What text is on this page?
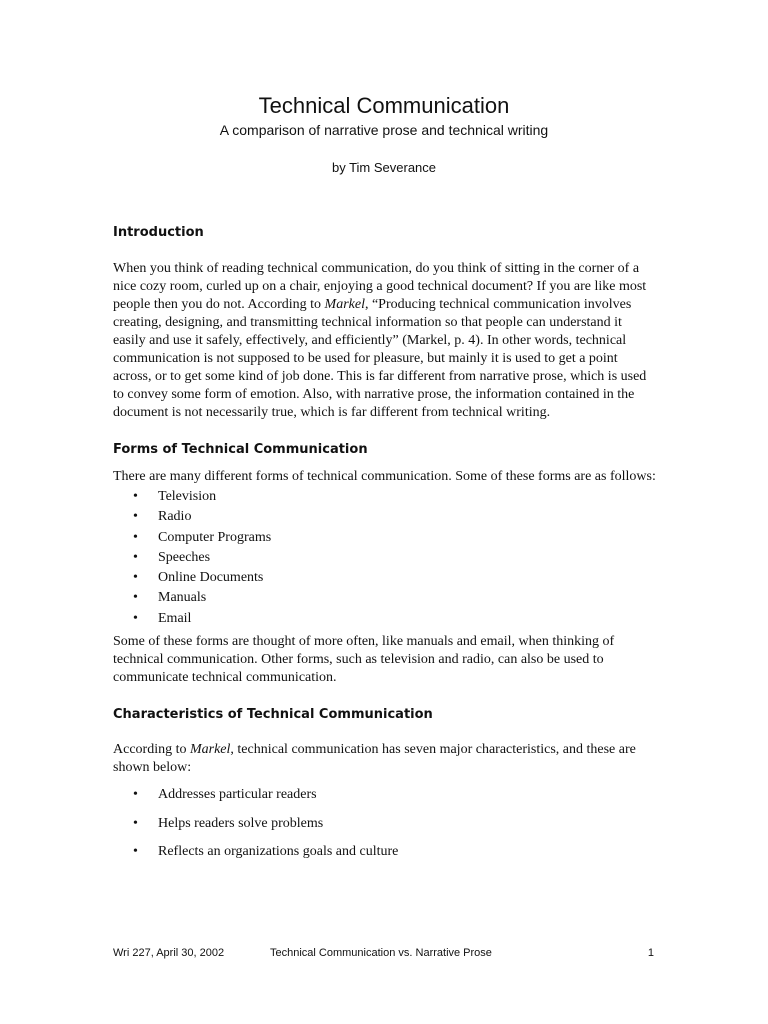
Technical Communication
A comparison of narrative prose and technical writing
by Tim Severance
Introduction

When you think of reading technical communication, do you think of sitting in the corner of a nice cozy room, curled up on a chair, enjoying a good technical document? If you are like most people then you do not. According to Markel, “Producing technical communication involves creating, designing, and transmitting technical information so that people can understand it easily and use it safely, effectively, and efficiently” (Markel, p. 4). In other words, technical communication is not supposed to be used for pleasure, but mainly it is used to get a point across, or to get some kind of job done. This is far different from narrative prose, which is used to convey some form of emotion. Also, with narrative prose, the information contained in the document is not necessarily true, which is far different from technical writing.

Forms of Technical Communication

There are many different forms of technical communication. Some of these forms are as follows:

• Television
• Radio
• Computer Programs
• Speeches
• Online Documents
• Manuals
• Email

Some of these forms are thought of more often, like manuals and email, when thinking of technical communication. Other forms, such as television and radio, can also be used to communicate technical communication.

Characteristics of Technical Communication

According to Markel, technical communication has seven major characteristics, and these are shown below:

• Addresses particular readers
• Helps readers solve problems
• Reflects an organizations goals and culture
Wri 227, April 30, 2002	Technical Communication vs. Narrative Prose	1
